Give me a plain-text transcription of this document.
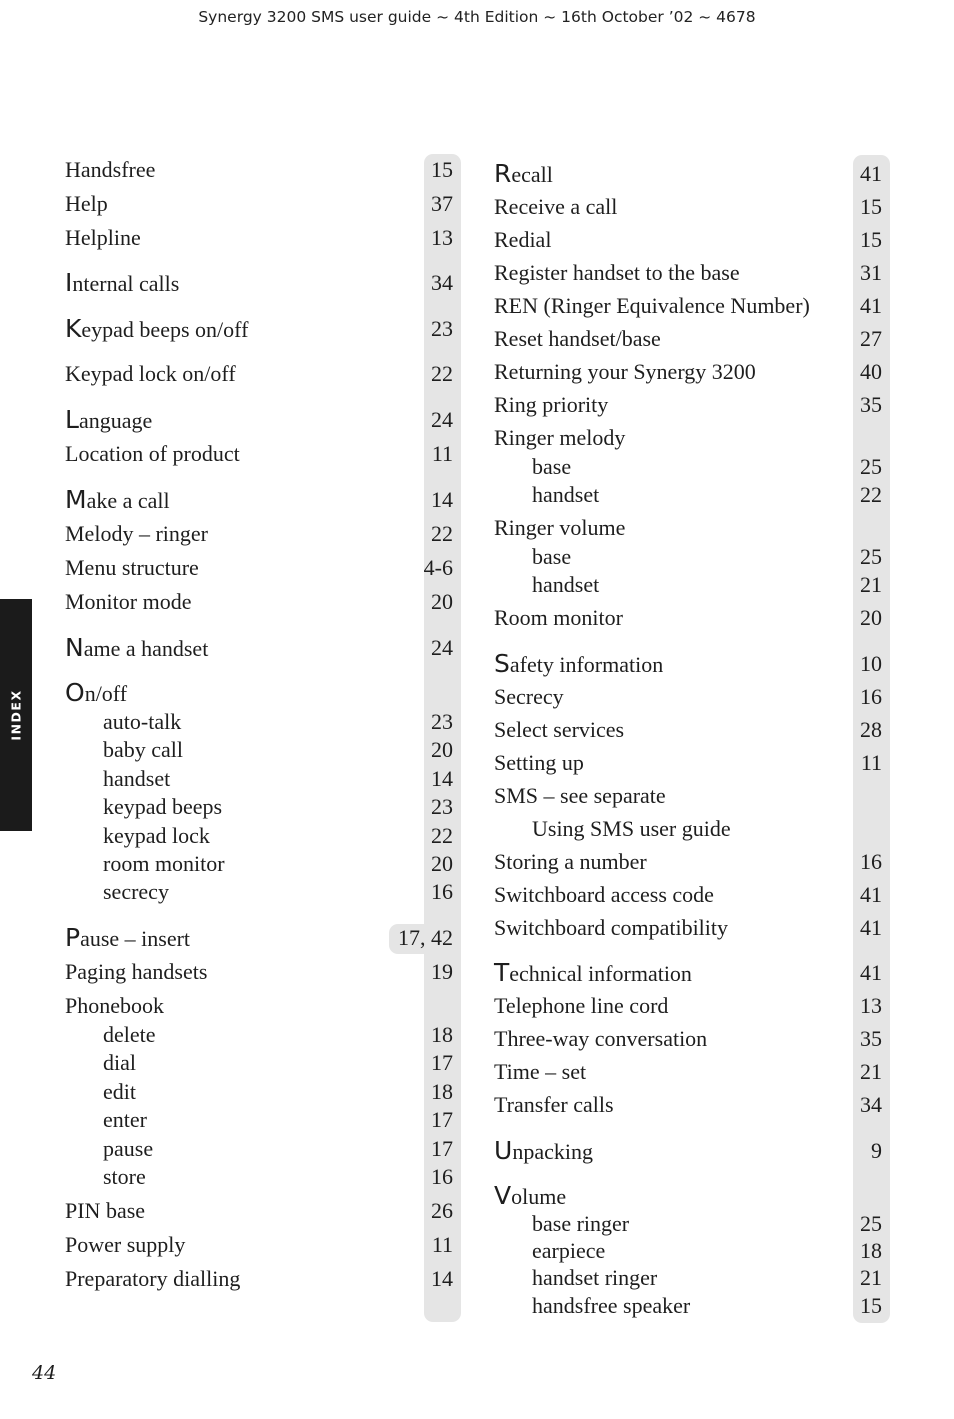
Synergy 3200 SMS user guide ~ 4th Edition ~ 16th October ’02 ~ 4678
INDEX
Handsfree	15
Help	37
Helpline	13
Internal calls	34
Keypad beeps on/off	23
Keypad lock on/off	22
Language	24
Location of product	11
Make a call	14
Melody – ringer	22
Menu structure	4-6
Monitor mode	20
Name a handset	24
On/off
auto-talk	23
baby call	20
handset	14
keypad beeps	23
keypad lock	22
room monitor	20
secrecy	16
Pause – insert	17, 42
Paging handsets	19
Phonebook
delete	18
dial	17
edit	18
enter	17
pause	17
store	16
PIN base	26
Power supply	11
Preparatory dialling	14
Recall	41
Receive a call	15
Redial	15
Register handset to the base	31
REN (Ringer Equivalence Number) 41
Reset handset/base	27
Returning your Synergy 3200	40
Ring priority	35
Ringer melody
base	25
handset	22
Ringer volume
base	25
handset	21
Room monitor	20
Safety information	10
Secrecy	16
Select services	28
Setting up	11
SMS – see separate
Using SMS user guide
Storing a number	16
Switchboard access code	41
Switchboard compatibility	41
Technical information	41
Telephone line cord	13
Three-way conversation	35
Time – set	21
Transfer calls	34
Unpacking	9
Volume
base ringer	25
earpiece	18
handset ringer	21
handsfree speaker	15
44
